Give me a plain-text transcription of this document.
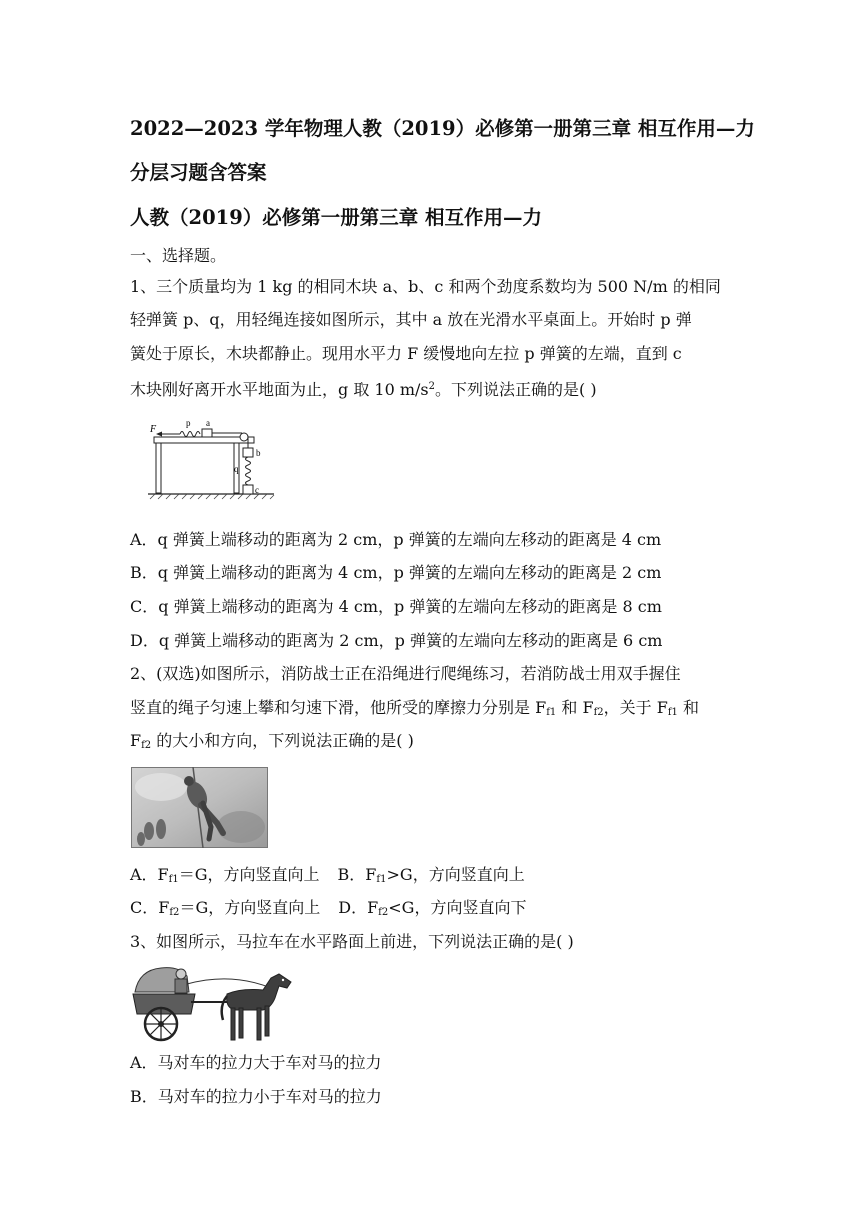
2022—2023 学年物理人教（2019）必修第一册第三章 相互作用—力
分层习题含答案
人教（2019）必修第一册第三章 相互作用—力
一、选择题。
1、三个质量均为 1 kg 的相同木块 a、b、c 和两个劲度系数均为 500 N/m 的相同
轻弹簧 p、q，用轻绳连接如图所示，其中 a 放在光滑水平桌面上。开始时 p 弹
簧处于原长，木块都静止。现用水平力 F 缓慢地向左拉 p 弹簧的左端，直到 c
木块刚好离开水平地面为止，g 取 10 $m/s^2$。下列说法正确的是( )
F
p a
b
q
c
A．q 弹簧上端移动的距离为 2 cm，p 弹簧的左端向左移动的距离是 4 cm
B．q 弹簧上端移动的距离为 4 cm，p 弹簧的左端向左移动的距离是 2 cm
C．q 弹簧上端移动的距离为 4 cm，p 弹簧的左端向左移动的距离是 8 cm
D．q 弹簧上端移动的距离为 2 cm，p 弹簧的左端向左移动的距离是 6 cm
2、(双选)如图所示，消防战士正在沿绳进行爬绳练习，若消防战士用双手握住
竖直的绳子匀速上攀和匀速下滑，他所受的摩擦力分别是 $F_{f1}$ 和 $F_{f2}$，关于 $F_{f1}$ 和
$F_{f2}$ 的大小和方向，下列说法正确的是( )
A．$F_{f1}=G$，方向竖直向上 B．$F_{f1}>G$，方向竖直向上
C．$F_{f2}=G$，方向竖直向上 D．$F_{f2}<G$，方向竖直向下
3、如图所示，马拉车在水平路面上前进，下列说法正确的是( )
A．马对车的拉力大于车对马的拉力
B．马对车的拉力小于车对马的拉力
